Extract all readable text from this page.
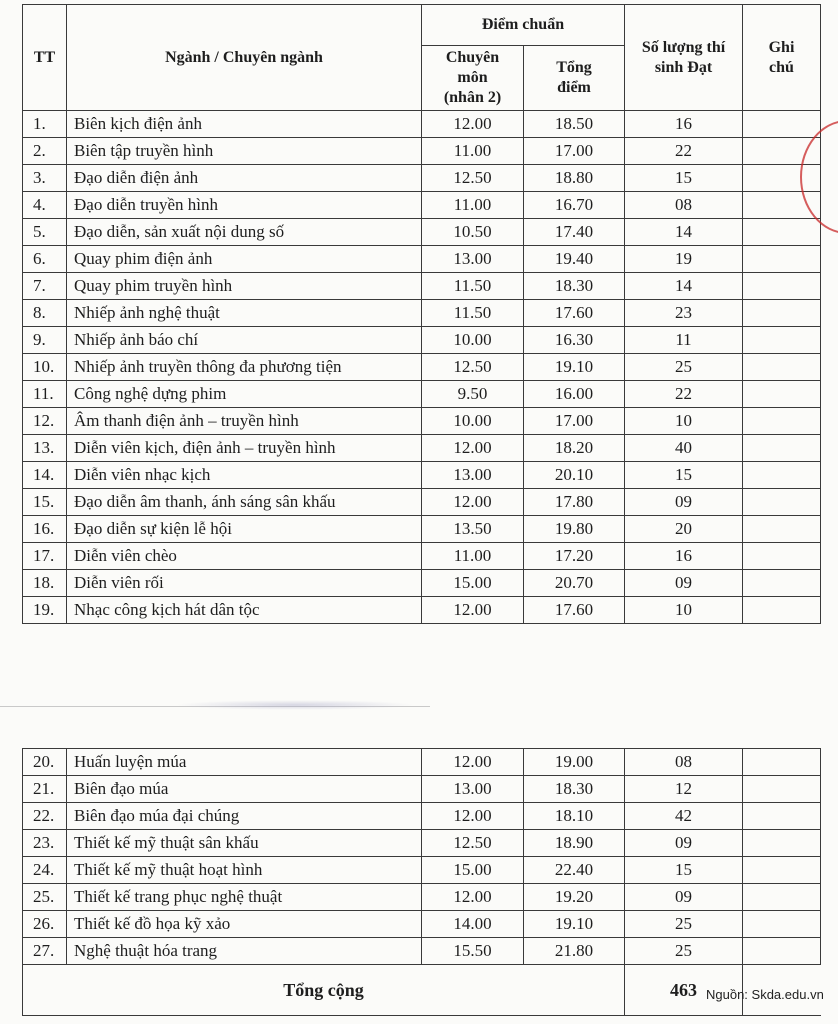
TT	Ngành / Chuyên ngành	Điểm chuẩn		Số lượng thí sinh Đạt	Ghi chú
		Chuyên môn (nhân 2)	Tổng điểm		
1.	Biên kịch điện ảnh	12.00	18.50	16	
2.	Biên tập truyền hình	11.00	17.00	22	
3.	Đạo diễn điện ảnh	12.50	18.80	15	
4.	Đạo diễn truyền hình	11.00	16.70	08	
5.	Đạo diễn, sản xuất nội dung số	10.50	17.40	14	
6.	Quay phim điện ảnh	13.00	19.40	19	
7.	Quay phim truyền hình	11.50	18.30	14	
8.	Nhiếp ảnh nghệ thuật	11.50	17.60	23	
9.	Nhiếp ảnh báo chí	10.00	16.30	11	
10.	Nhiếp ảnh truyền thông đa phương tiện	12.50	19.10	25	
11.	Công nghệ dựng phim	9.50	16.00	22	
12.	Âm thanh điện ảnh – truyền hình	10.00	17.00	10	
13.	Diễn viên kịch, điện ảnh – truyền hình	12.00	18.20	40	
14.	Diễn viên nhạc kịch	13.00	20.10	15	
15.	Đạo diễn âm thanh, ánh sáng sân khấu	12.00	17.80	09	
16.	Đạo diễn sự kiện lễ hội	13.50	19.80	20	
17.	Diễn viên chèo	11.00	17.20	16	
18.	Diễn viên rối	15.00	20.70	09	
19.	Nhạc công kịch hát dân tộc	12.00	17.60	10	
20.	Huấn luyện múa	12.00	19.00	08	
21.	Biên đạo múa	13.00	18.30	12	
22.	Biên đạo múa đại chúng	12.00	18.10	42	
23.	Thiết kế mỹ thuật sân khấu	12.50	18.90	09	
24.	Thiết kế mỹ thuật hoạt hình	15.00	22.40	15	
25.	Thiết kế trang phục nghệ thuật	12.00	19.20	09	
26.	Thiết kế đồ họa kỹ xảo	14.00	19.10	25	
27.	Nghệ thuật hóa trang	15.50	21.80	25	
Tổng cộng				463	Nguồn: Skda.edu.vn
